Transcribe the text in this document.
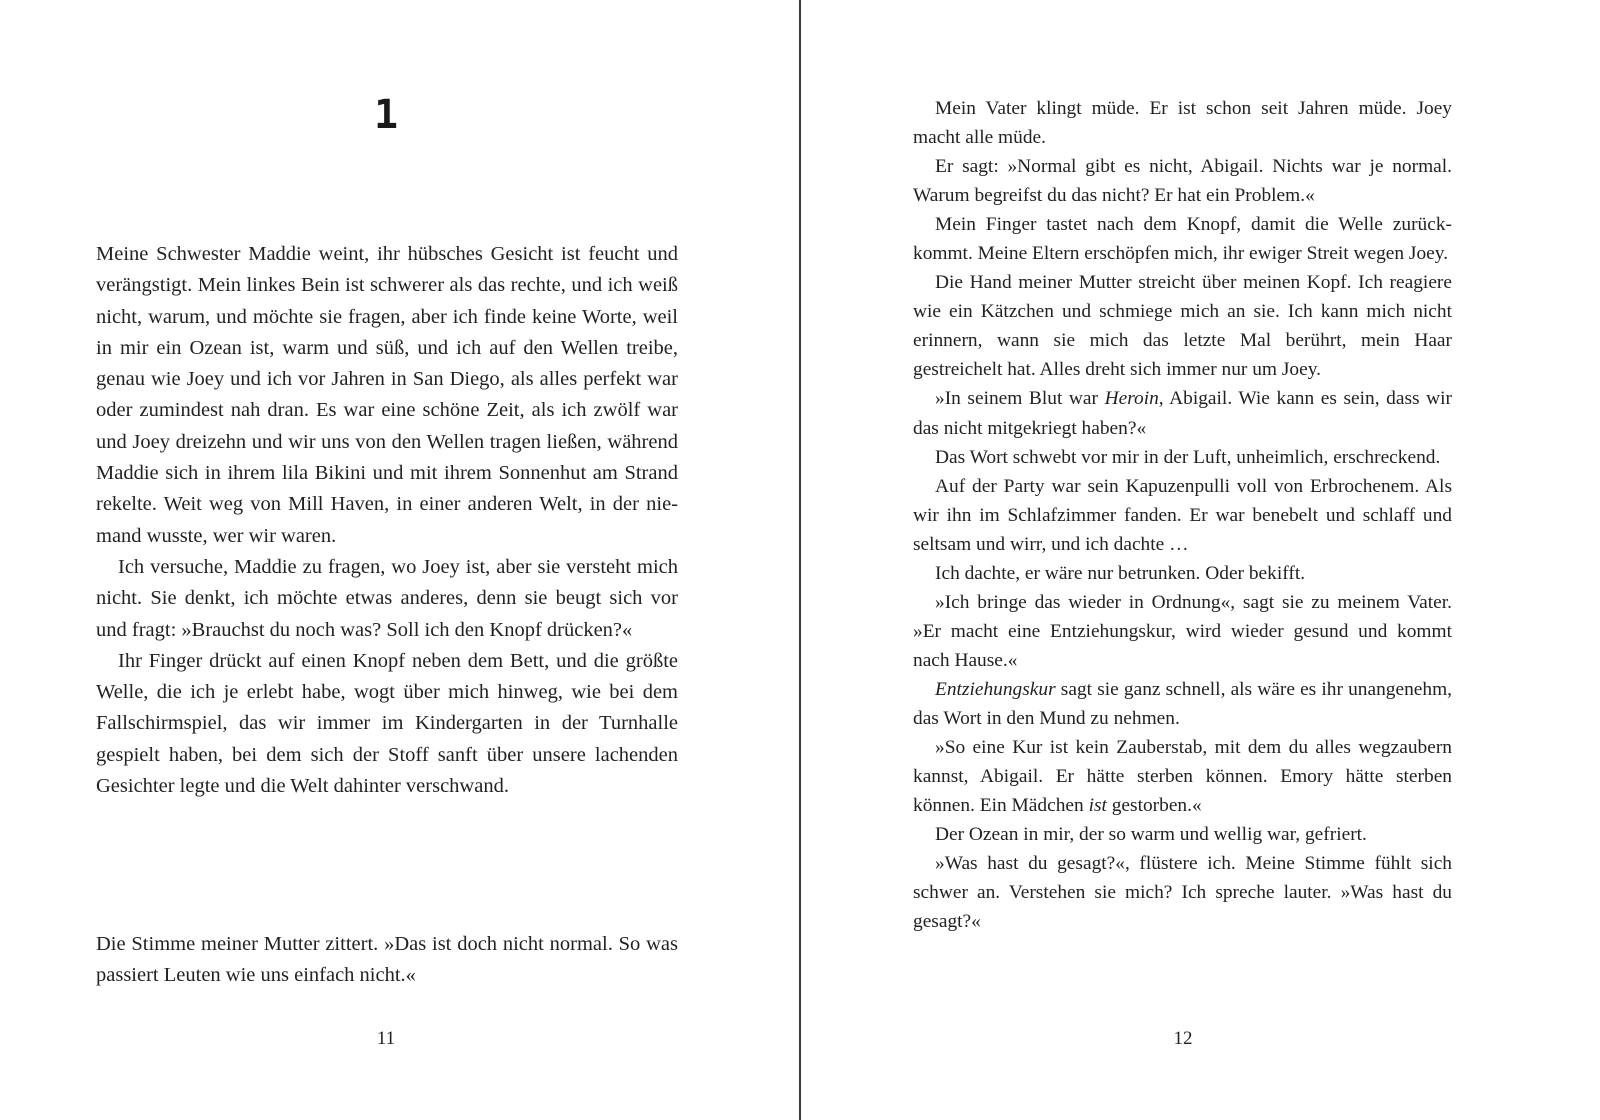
1

Meine Schwester Maddie weint, ihr hübsches Gesicht ist feucht und verängstigt. Mein linkes Bein ist schwerer als das rechte, und ich weiß nicht, warum, und möchte sie fragen, aber ich finde keine Worte, weil in mir ein Ozean ist, warm und süß, und ich auf den Wellen treibe, genau wie Joey und ich vor Jahren in San Diego, als alles perfekt war oder zumindest nah dran. Es war eine schöne Zeit, als ich zwölf war und Joey dreizehn und wir uns von den Wellen tragen ließen, während Maddie sich in ihrem lila Bikini und mit ihrem Sonnenhut am Strand rekelte. Weit weg von Mill Haven, in einer anderen Welt, in der niemand wusste, wer wir waren.

Ich versuche, Maddie zu fragen, wo Joey ist, aber sie versteht mich nicht. Sie denkt, ich möchte etwas anderes, denn sie beugt sich vor und fragt: »Brauchst du noch was? Soll ich den Knopf drücken?«

Ihr Finger drückt auf einen Knopf neben dem Bett, und die größte Welle, die ich je erlebt habe, wogt über mich hinweg, wie bei dem Fallschirmspiel, das wir immer im Kindergarten in der Turnhalle gespielt haben, bei dem sich der Stoff sanft über unsere lachenden Gesichter legte und die Welt dahinter verschwand.

Die Stimme meiner Mutter zittert. »Das ist doch nicht normal. So was passiert Leuten wie uns einfach nicht.«

11

Mein Vater klingt müde. Er ist schon seit Jahren müde. Joey macht alle müde.

Er sagt: »Normal gibt es nicht, Abigail. Nichts war je normal. Warum begreifst du das nicht? Er hat ein Problem.«

Mein Finger tastet nach dem Knopf, damit die Welle zurückkommt. Meine Eltern erschöpfen mich, ihr ewiger Streit wegen Joey.

Die Hand meiner Mutter streicht über meinen Kopf. Ich reagiere wie ein Kätzchen und schmiege mich an sie. Ich kann mich nicht erinnern, wann sie mich das letzte Mal berührt, mein Haar gestreichelt hat. Alles dreht sich immer nur um Joey.

»In seinem Blut war Heroin, Abigail. Wie kann es sein, dass wir das nicht mitgekriegt haben?«

Das Wort schwebt vor mir in der Luft, unheimlich, erschreckend.

Auf der Party war sein Kapuzenpulli voll von Erbrochenem. Als wir ihn im Schlafzimmer fanden. Er war benebelt und schlaff und seltsam und wirr, und ich dachte …

Ich dachte, er wäre nur betrunken. Oder bekifft.

»Ich bringe das wieder in Ordnung«, sagt sie zu meinem Vater. »Er macht eine Entziehungskur, wird wieder gesund und kommt nach Hause.«

Entziehungskur sagt sie ganz schnell, als wäre es ihr unangenehm, das Wort in den Mund zu nehmen.

»So eine Kur ist kein Zauberstab, mit dem du alles wegzaubern kannst, Abigail. Er hätte sterben können. Emory hätte sterben können. Ein Mädchen ist gestorben.«

Der Ozean in mir, der so warm und wellig war, gefriert.

»Was hast du gesagt?«, flüstere ich. Meine Stimme fühlt sich schwer an. Verstehen sie mich? Ich spreche lauter. »Was hast du gesagt?«

12
